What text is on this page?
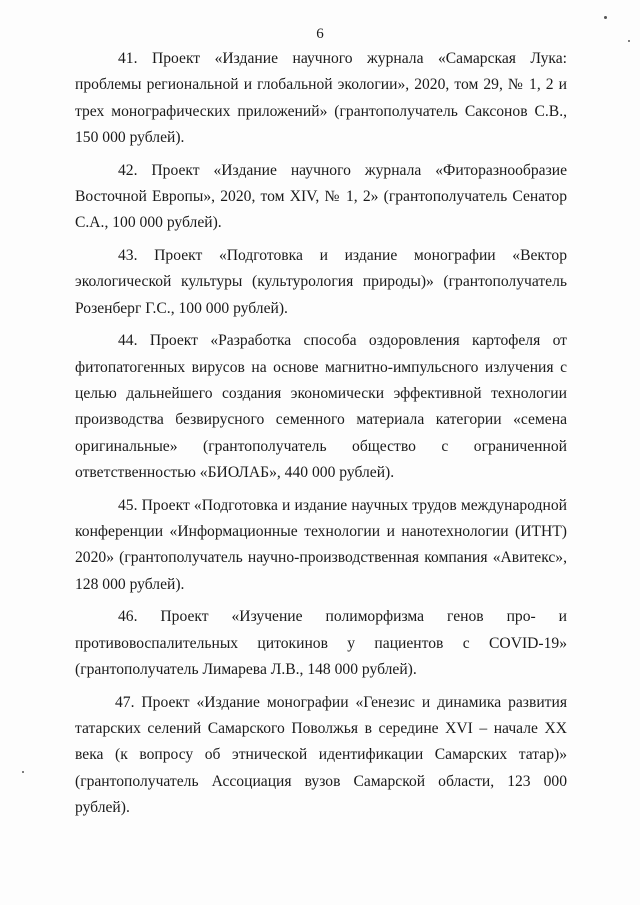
6

41. Проект «Издание научного журнала «Самарская Лука: проблемы региональной и глобальной экологии», 2020, том 29, № 1, 2 и трех монографических приложений» (грантополучатель Саксонов С.В., 150 000 рублей).

42. Проект «Издание научного журнала «Фиторазнообразие Восточной Европы», 2020, том XIV, № 1, 2» (грантополучатель Сенатор С.А., 100 000 рублей).

43. Проект «Подготовка и издание монографии «Вектор экологической культуры (культурология природы)» (грантополучатель Розенберг Г.С., 100 000 рублей).

44. Проект «Разработка способа оздоровления картофеля от фитопатогенных вирусов на основе магнитно-импульсного излучения с целью дальнейшего создания экономически эффективной технологии производства безвирусного семенного материала категории «семена оригинальные» (грантополучатель общество с ограниченной ответственностью «БИОЛАБ», 440 000 рублей).

45. Проект «Подготовка и издание научных трудов международной конференции «Информационные технологии и нанотехнологии (ИТНТ) 2020» (грантополучатель научно-производственная компания «Авитекс», 128 000 рублей).

46. Проект «Изучение полиморфизма генов про- и противовоспалительных цитокинов у пациентов с COVID-19» (грантополучатель Лимарева Л.В., 148 000 рублей).

47. Проект «Издание монографии «Генезис и динамика развития татарских селений Самарского Поволжья в середине XVI – начале XX века (к вопросу об этнической идентификации Самарских татар)» (грантополучатель Ассоциация вузов Самарской области, 123 000 рублей).
